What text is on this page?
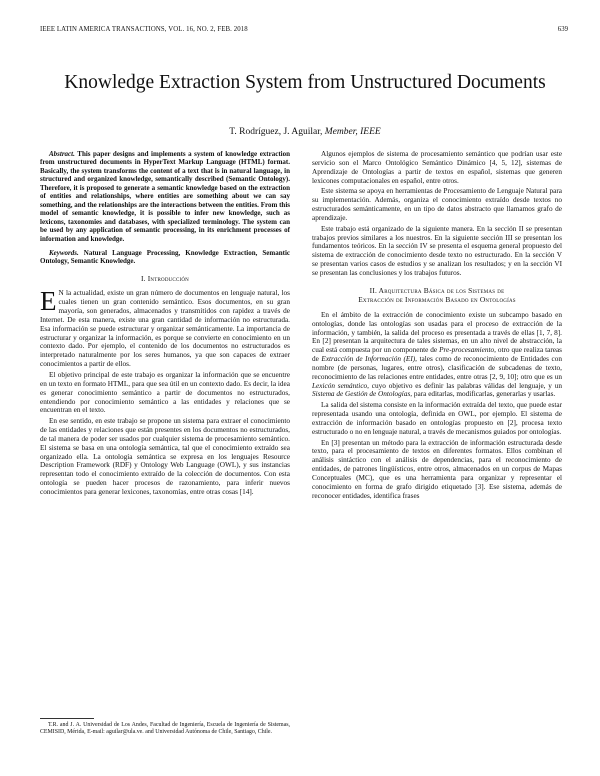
IEEE LATIN AMERICA TRANSACTIONS, VOL. 16, NO. 2, FEB. 2018	639
Knowledge Extraction System from Unstructured Documents
T. Rodríguez, J. Aguilar, Member, IEEE

Abstract. This paper designs and implements a system of knowledge extraction from unstructured documents in HyperText Markup Language (HTML) format. Basically, the system transforms the content of a text that is in natural language, in structured and organized knowledge, semantically described (Semantic Ontology). Therefore, it is proposed to generate a semantic knowledge based on the extraction of entities and relationships, where entities are something about we can say something, and the relationships are the interactions between the entities. From this model of semantic knowledge, it is possible to infer new knowledge, such as lexicons, taxonomies and databases, with specialized terminology. The system can be used by any application of semantic processing, in its enrichment processes of information and knowledge.

Keywords. Natural Language Processing, Knowledge Extraction, Semantic Ontology, Semantic Knowledge.

I. Introducción

E N la actualidad, existe un gran número de documentos en lenguaje natural, los cuales tienen un gran contenido semántico. Esos documentos, en su gran mayoría, son generados, almacenados y transmitidos con rapidez a través de Internet. De esta manera, existe una gran cantidad de información no estructurada. Esa información se puede estructurar y organizar semánticamente. La importancia de estructurar y organizar la información, es porque se convierte en conocimiento en un contexto dado. Por ejemplo, el contenido de los documentos no estructurados es interpretado naturalmente por los seres humanos, ya que son capaces de extraer conocimientos a partir de ellos.

El objetivo principal de este trabajo es organizar la información que se encuentre en un texto en formato HTML, para que sea útil en un contexto dado. Es decir, la idea es generar conocimiento semántico a partir de documentos no estructurados, entendiendo por conocimiento semántico a las entidades y relaciones que se encuentran en el texto.

En ese sentido, en este trabajo se propone un sistema para extraer el conocimiento de las entidades y relaciones que están presentes en los documentos no estructurados, de tal manera de poder ser usados por cualquier sistema de procesamiento semántico. El sistema se basa en una ontología semántica, tal que el conocimiento extraído sea organizado ella. La ontología semántica se expresa en los lenguajes Resource Description Framework (RDF) y Ontology Web Language (OWL), y sus instancias representan todo el conocimiento extraído de la colección de documentos. Con esta ontología se pueden hacer procesos de razonamiento, para inferir nuevos conocimientos para generar lexicones, taxonomías, entre otras cosas [14].

T.R. and J. A. Universidad de Los Andes, Facultad de Ingeniería, Escuela de Ingeniería de Sistemas, CEMISID, Mérida, E-mail: aguilar@ula.ve. and Universidad Autónoma de Chile, Santiago, Chile.

Algunos ejemplos de sistema de procesamiento semántico que podrían usar este servicio son el Marco Ontológico Semántico Dinámico [4, 5, 12], sistemas de Aprendizaje de Ontologías a partir de textos en español, sistemas que generen lexicones computacionales en español, entre otros.

Este sistema se apoya en herramientas de Procesamiento de Lenguaje Natural para su implementación. Además, organiza el conocimiento extraído desde textos no estructurados semánticamente, en un tipo de datos abstracto que llamamos grafo de aprendizaje.

Este trabajo está organizado de la siguiente manera. En la sección II se presentan trabajos previos similares a los nuestros. En la siguiente sección III se presentan los fundamentos teóricos. En la sección IV se presenta el esquema general propuesto del sistema de extracción de conocimiento desde texto no estructurado. En la sección V se presentan varios casos de estudios y se analizan los resultados; y en la sección VI se presentan las conclusiones y los trabajos futuros.

II. Arquitectura Básica de los Sistemas de
Extracción de Información Basado en Ontologías

En el ámbito de la extracción de conocimiento existe un subcampo basado en ontologías, donde las ontologías son usadas para el proceso de extracción de la información, y también, la salida del proceso es presentada a través de ellas [1, 7, 8]. En [2] presentan la arquitectura de tales sistemas, en un alto nivel de abstracción, la cual está compuesta por un componente de Pre-procesamiento, otro que realiza tareas de Extracción de Información (EI), tales como de reconocimiento de Entidades con nombre (de personas, lugares, entre otros), clasificación de subcadenas de texto, reconocimiento de las relaciones entre entidades, entre otras [2, 9, 10]; otro que es un Lexicón semántico, cuyo objetivo es definir las palabras válidas del lenguaje, y un Sistema de Gestión de Ontologías, para editarlas, modificarlas, generarlas y usarlas.

La salida del sistema consiste en la información extraída del texto, que puede estar representada usando una ontología, definida en OWL, por ejemplo. El sistema de extracción de información basado en ontologías propuesto en [2], procesa texto estructurado o no en lenguaje natural, a través de mecanismos guiados por ontologías.

En [3] presentan un método para la extracción de información estructurada desde texto, para el procesamiento de textos en diferentes formatos. Ellos combinan el análisis sintáctico con el análisis de dependencias, para el reconocimiento de entidades, de patrones lingüísticos, entre otros, almacenados en un corpus de Mapas Conceptuales (MC), que es una herramienta para organizar y representar el conocimiento en forma de grafo dirigido etiquetado [3]. Ese sistema, además de reconocer entidades, identifica frases
